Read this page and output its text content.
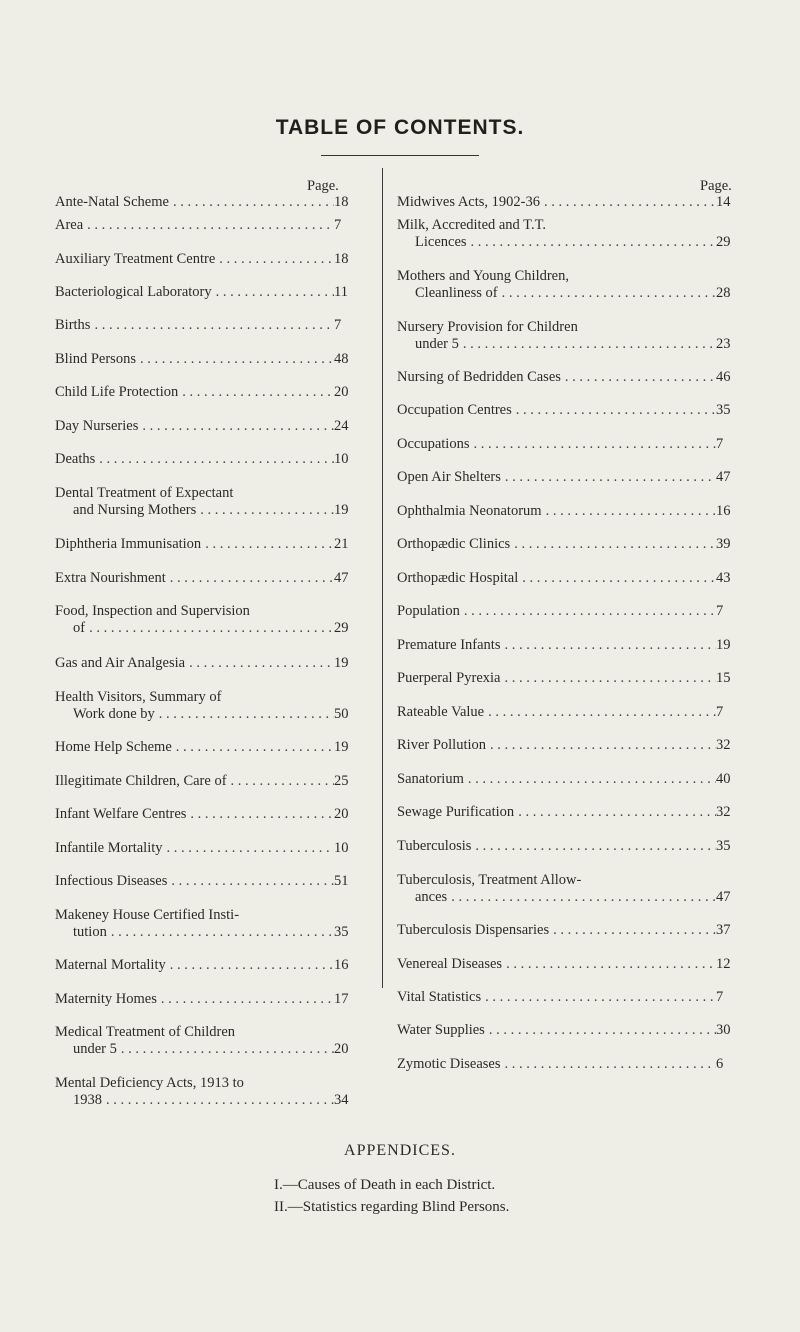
TABLE OF CONTENTS.
Page.
Ante-Natal Scheme . . .	18
Area . . .	7
Auxiliary Treatment Centre . . .	18
Bacteriological Laboratory . . .	11
Births . . .	7
Blind Persons . . .	48
Child Life Protection . . .	20
Day Nurseries . . .	24
Deaths . . .	10
Dental Treatment of Expectant
and Nursing Mothers . . .	19
Diphtheria Immunisation . . .	21
Extra Nourishment . . .	47
Food, Inspection and Supervision
of . . .	29
Gas and Air Analgesia . . .	19
Health Visitors, Summary of
Work done by . . .	50
Home Help Scheme . . .	19
Illegitimate Children, Care of . . .	25
Infant Welfare Centres . . .	20
Infantile Mortality . . .	10
Infectious Diseases . . .	51
Makeney House Certified Insti-
tution . . .	35
Maternal Mortality . . .	16
Maternity Homes . . .	17
Medical Treatment of Children
under 5 . . .	20
Mental Deficiency Acts, 1913 to
1938 . . .	34
Page.
Midwives Acts, 1902-36 . . .	14
Milk, Accredited and T.T.
Licences . . .	29
Mothers and Young Children,
Cleanliness of . . .	28
Nursery Provision for Children
under 5 . . .	23
Nursing of Bedridden Cases . . .	46
Occupation Centres . . .	35
Occupations . . .	7
Open Air Shelters . . .	47
Ophthalmia Neonatorum . . .	16
Orthopædic Clinics . . .	39
Orthopædic Hospital . . .	43
Population . . .	7
Premature Infants . . .	19
Puerperal Pyrexia . . .	15
Rateable Value . . .	7
River Pollution . . .	32
Sanatorium . . .	40
Sewage Purification . . .	32
Tuberculosis . . .	35
Tuberculosis, Treatment Allow-
ances . . .	47
Tuberculosis Dispensaries . . .	37
Venereal Diseases . . .	12
Vital Statistics . . .	7
Water Supplies . . .	30
Zymotic Diseases . . .	6
APPENDICES.
I.—Causes of Death in each District.
II.—Statistics regarding Blind Persons.
